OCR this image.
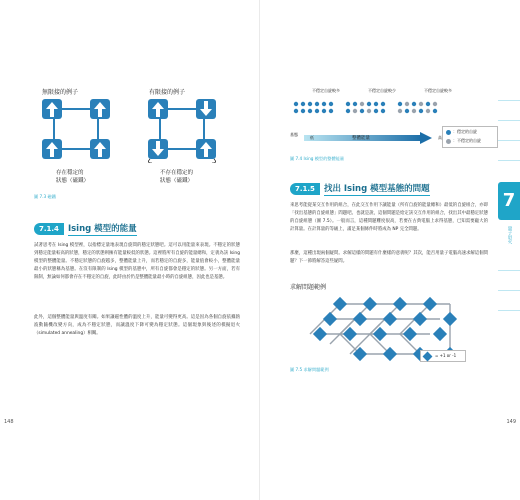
無限接的例子	有限接的例子
存在穩定的
狀態（磁鐵）
不存在穩定的
狀態（磁鐵）
圖 7.3 磁鐵
7.1.4	Ising 模型的能量
試著思考在 Ising 模型裡，以指標定量地表現自旋間的穩定狀態吧。這可以用能量來表現。不穩定的狀態到穩定能量較高的狀態，穩定的狀態則擁有能量較低的狀態。這裡將所有自旋的能量總和，定義為該 Ising 模型的整體能量。不穩定狀態的自旋越多，整體能量上升，而若穩定的自旋多，能量值會較小，整體能量最小的狀態稱為基態。在沒有限制的 Ising 模型的基態中，所有自旋都會是穩定的狀態。另一方面，若有限制，無論如何都會存在不穩定的自旋，此時由於仍是整體能量最小時的自旋組態，因此也是基態。
此外，這個整體能量與溫度有關。如果讓磁性體的溫度上升，能量可變得更高。這是因為各個自旋依據熱波動隨機改變方向，成為不穩定狀態，而讓溫度下降可變為穩定狀態。這個現象與後述的模擬退火（simulated annealing）相關。
148
不穩定自旋較多	不穩定自旋較少	不穩定自旋較多
：穩定的自旋
：不穩定的自旋
低	整體能量	高
基態
圖 7.4 Ising 模型的整體能量
7.1.5	找出 Ising 模型基態的問題
來思考能從某交互作用的組合，在此交互作用下讓能量（所有自旋的能量總和）最低的自旋組合，亦即「找出基態的自旋組態」問題吧。也就是說，這個問題是給定該交互作用的組合，找出其中最穩定狀態的自旋組態（圖 7.5）。一般而言，這種問題難度很高，若要在古典電腦上求得基態，已知需要龐大的計算量。在計算量的等級上，滿足某個條件時將成為 NP 完全問題。
那麼，這種出現兩個疑問。求解這樣的問題有什麼樣的意義呢？其次，能否用量子電腦高速求解這個問題？下一節將解答這些疑問。
求解問題範例
= +1 or -1
圖 7.5 求解問題範例
149
7
量子退火
